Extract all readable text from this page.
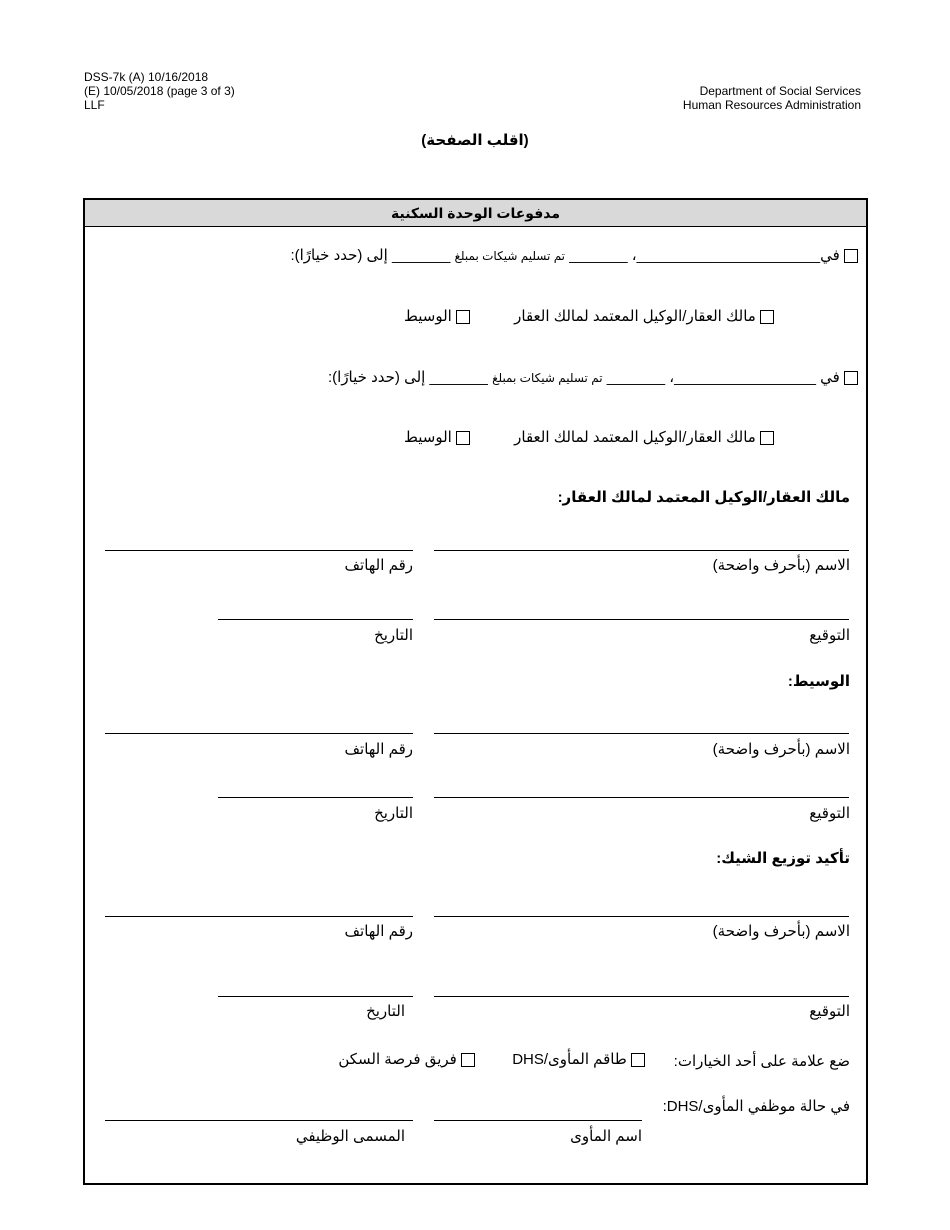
DSS-7k (A) 10/16/2018
(E) 10/05/2018 (page 3 of 3)
LLF
Department of Social Services
Human Resources Administration
(اقلب الصفحة)
مدفوعات الوحدة السكنية
في______________________، _______ تم تسليم شيكات بمبلغ _______ إلى (حدد خيارًا):
مالك العقار/الوكيل المعتمد لمالك العقار
الوسيط
في _________________، _______ تم تسليم شيكات بمبلغ _______ إلى (حدد خيارًا):
مالك العقار/الوكيل المعتمد لمالك العقار
الوسيط
مالك العقار/الوكيل المعتمد لمالك العقار:
الاسم (بأحرف واضحة)
رقم الهاتف
التوقيع
التاريخ
الوسيط:
الاسم (بأحرف واضحة)
رقم الهاتف
التوقيع
التاريخ
تأكيد توزيع الشيك:
الاسم (بأحرف واضحة)
رقم الهاتف
التوقيع
التاريخ
ضع علامة على أحد الخيارات:
طاقم المأوى/DHS
فريق فرصة السكن
في حالة موظفي المأوى/DHS:
اسم المأوى
المسمى الوظيفي
